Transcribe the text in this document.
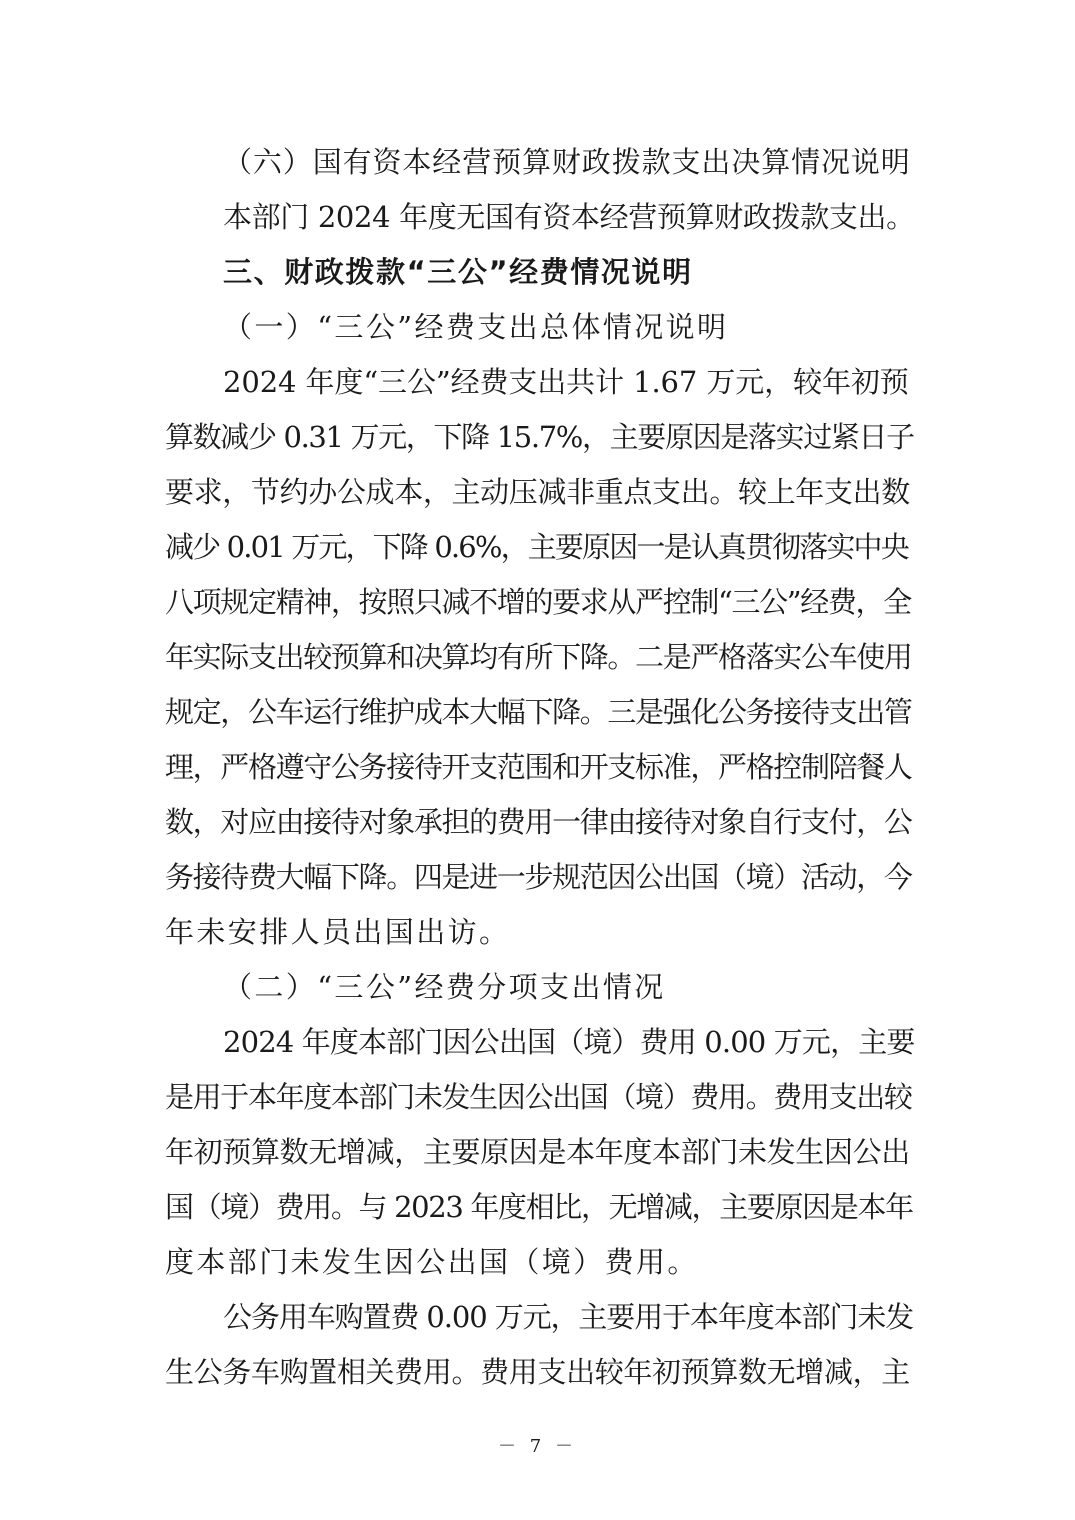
（六）国有资本经营预算财政拨款支出决算情况说明
本部门 2024 年度无国有资本经营预算财政拨款支出。
三、财政拨款“三公”经费情况说明
（一）“三公”经费支出总体情况说明
2024 年度“三公”经费支出共计 1.67 万元，较年初预
算数减少 0.31 万元，下降 15.7%，主要原因是落实过紧日子
要求，节约办公成本，主动压减非重点支出。较上年支出数
减少 0.01 万元，下降 0.6%，主要原因一是认真贯彻落实中央
八项规定精神，按照只减不增的要求从严控制“三公”经费，全
年实际支出较预算和决算均有所下降。二是严格落实公车使用
规定，公车运行维护成本大幅下降。三是强化公务接待支出管
理，严格遵守公务接待开支范围和开支标准，严格控制陪餐人
数，对应由接待对象承担的费用一律由接待对象自行支付，公
务接待费大幅下降。四是进一步规范因公出国（境）活动，今
年未安排人员出国出访。
（二）“三公”经费分项支出情况
2024 年度本部门因公出国（境）费用 0.00 万元，主要
是用于本年度本部门未发生因公出国（境）费用。费用支出较
年初预算数无增减，主要原因是本年度本部门未发生因公出
国（境）费用。与 2023 年度相比，无增减，主要原因是本年
度本部门未发生因公出国（境）费用。
公务用车购置费 0.00 万元，主要用于本年度本部门未发
生公务车购置相关费用。费用支出较年初预算数无增减，主
－ 7 －
